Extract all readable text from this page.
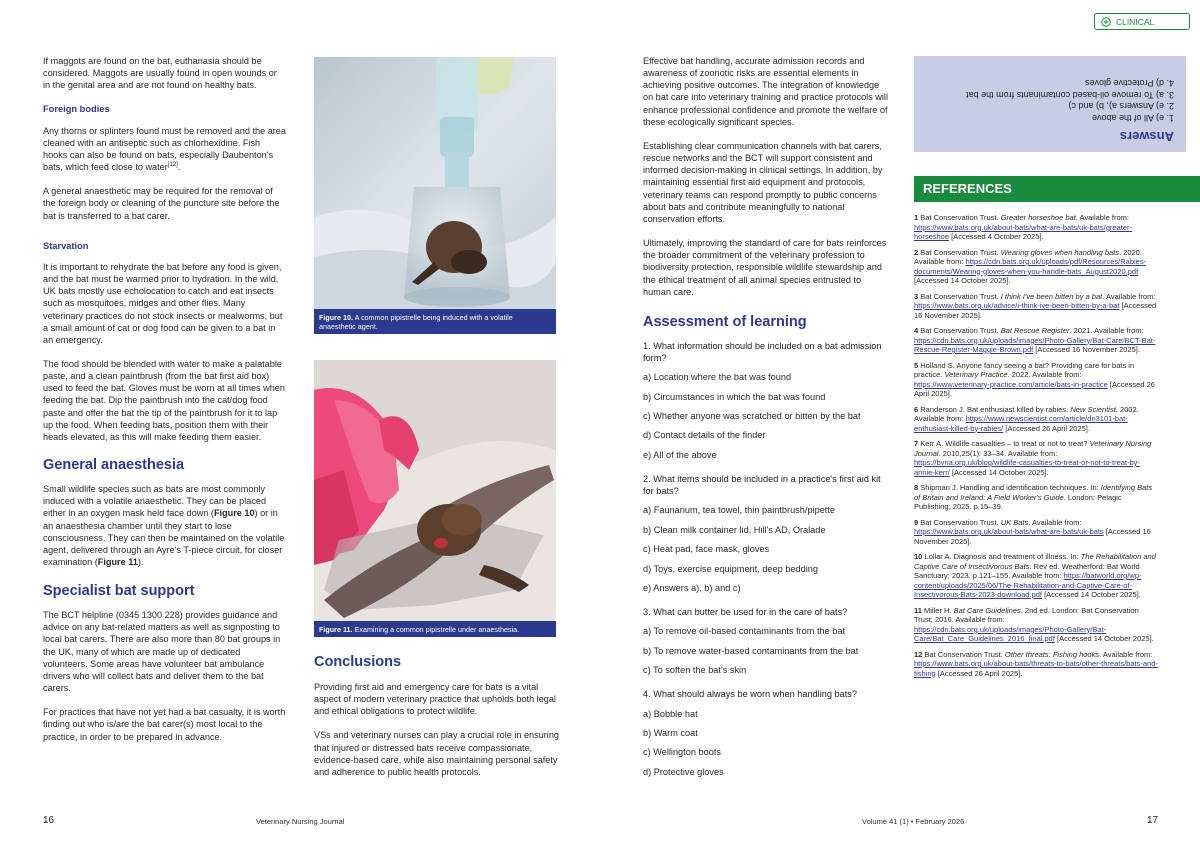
CLINICAL

If maggots are found on the bat, euthanasia should be considered. Maggots are usually found in open wounds or in the genital area and are not found on healthy bats.

Foreign bodies

Any thorns or splinters found must be removed and the area cleaned with an antiseptic such as chlorhexidine. Fish hooks can also be found on bats, especially Daubenton's bats, which feed close to water[12].

A general anaesthetic may be required for the removal of the foreign body or cleaning of the puncture site before the bat is transferred to a bat carer.

Starvation

It is important to rehydrate the bat before any food is given, and the bat must be warmed prior to hydration. In the wild, UK bats mostly use echolocation to catch and eat insects such as mosquitoes, midges and other flies. Many veterinary practices do not stock insects or mealworms, but a small amount of cat or dog food can be given to a bat in an emergency.

The food should be blended with water to make a palatable paste, and a clean paintbrush (from the bat first aid box) used to feed the bat. Gloves must be worn at all times when feeding the bat. Dip the paintbrush into the cat/dog food paste and offer the bat the tip of the paintbrush for it to lap up the food. When feeding bats, position them with their heads elevated, as this will make feeding them easier.

General anaesthesia

Small wildlife species such as bats are most commonly induced with a volatile anaesthetic. They can be placed either in an oxygen mask held face down (Figure 10) or in an anaesthesia chamber until they start to lose consciousness. They can then be maintained on the volatile agent, delivered through an Ayre's T-piece circuit, for closer examination (Figure 11).

Specialist bat support

The BCT helpline (0345 1300 228) provides guidance and advice on any bat-related matters as well as signposting to local bat carers. There are also more than 80 bat groups in the UK, many of which are made up of dedicated volunteers. Some areas have volunteer bat ambulance drivers who will collect bats and deliver them to the bat carers.

For practices that have not yet had a bat casualty, it is worth finding out who is/are the bat carer(s) most local to the practice, in order to be prepared in advance.

Figure 10. A common pipistrelle being induced with a volatile anaesthetic agent.
Figure 11. Examining a common pipistrelle under anaesthesia.
Conclusions

Providing first aid and emergency care for bats is a vital aspect of modern veterinary practice that upholds both legal and ethical obligations to protect wildlife.

VSs and veterinary nurses can play a crucial role in ensuring that injured or distressed bats receive compassionate, evidence-based care, while also maintaining personal safety and adherence to public health protocols.

Effective bat handling, accurate admission records and awareness of zoonotic risks are essential elements in achieving positive outcomes. The integration of knowledge on bat care into veterinary training and practice protocols will enhance professional confidence and promote the welfare of these ecologically significant species.

Establishing clear communication channels with bat carers, rescue networks and the BCT will support consistent and informed decision-making in clinical settings. In addition, by maintaining essential first aid equipment and protocols, veterinary teams can respond promptly to public concerns about bats and contribute meaningfully to national conservation efforts.

Ultimately, improving the standard of care for bats reinforces the broader commitment of the veterinary profession to biodiversity protection, responsible wildlife stewardship and the ethical treatment of all animal species entrusted to human care.

Assessment of learning
1. What information should be included on a bat admission form?
a) Location where the bat was found
b) Circumstances in which the bat was found
c) Whether anyone was scratched or bitten by the bat
d) Contact details of the finder
e) All of the above
2. What items should be included in a practice's first aid kit for bats?
a) Faunarium, tea towel, thin paintbrush/pipette
b) Clean milk container lid, Hill's AD, Oralade
c) Heat pad, face mask, gloves
d) Toys, exercise equipment, deep bedding
e) Answers a), b) and c)
3. What can butter be used for in the care of bats?
a) To remove oil-based contaminants from the bat
b) To remove water-based contaminants from the bat
c) To soften the bat's skin
4. What should always be worn when handling bats?
a) Bobble hat
b) Warm coat
c) Wellington boots
d) Protective gloves
Answers
1. e) All of the above
2. e) Answers a), b) and c)
3. a) To remove oil-based contaminants from the bat
4. d) Protective gloves
REFERENCES
1 Bat Conservation Trust. Greater horseshoe bat. Available from: https://www.bats.org.uk/about-bats/what-are-bats/uk-bats/greater-horseshoe [Accessed 4 October 2025].
2 Bat Conservation Trust. Wearing gloves when handling bats. 2020. Available from: https://cdn.bats.org.uk/uploads/pdf/Resources/Rabies-documents/Wearing-gloves-when-you-handle-bats_August2020.pdf [Accessed 14 October 2025].
3 Bat Conservation Trust. I think I've been bitten by a bat. Available from: https://www.bats.org.uk/advice/i-think-ive-been-bitten-by-a-bat [Accessed 16 November 2025].
4 Bat Conservation Trust. Bat Rescue Register. 2021. Available from: https://cdn.bats.org.uk/uploads/images/Photo-Gallery/Bat-Care/BCT-Bat-Rescue-Register-Maggie-Brown.pdf [Accessed 16 November 2025].
5 Holland S. Anyone fancy seeing a bat? Providing care for bats in practice. Veterinary Practice. 2022. Available from: https://www.veterinary-practice.com/article/bats-in-practice [Accessed 26 April 2025].
6 Randerson J. Bat enthusiast killed by rabies. New Scientist. 2002. Available from: https://www.newscientist.com/article/dn3101-bat-enthusiast-killed-by-rabies/ [Accessed 26 April 2025].
7 Kerr A. Wildlife casualties – to treat or not to treat? Veterinary Nursing Journal. 2010,25(1): 33–34. Available from: https://bvna.org.uk/blog/wildlife-casualties-to-treat-or-not-to-treat-by-annie-kerr/ [Accessed 14 October 2025].
8 Shipman J. Handling and identification techniques. In: Identifying Bats of Britain and Ireland: A Field Worker's Guide. London: Pelagic Publishing; 2025. p.15–39.
9 Bat Conservation Trust. UK Bats. Available from: https://www.bats.org.uk/about-bats/what-are-bats/uk-bats [Accessed 16 November 2025].
10 Lollar A. Diagnosis and treatment of illness. In: The Rehabilitation and Captive Care of Insectivorous Bats. Rev ed. Weatherford: Bat World Sanctuary; 2023. p.121–155. Available from: https://batworld.org/wp-content/uploads/2025/06/The-Rehabilitation-and-Captive-Care-of-Insectivorous-Bats-2023-download.pdf [Accessed 14 October 2025].
11 Miller H. Bat Care Guidelines. 2nd ed. London: Bat Conservation Trust; 2016. Available from: https://cdn.bats.org.uk/uploads/images/Photo-Gallery/Bat-Care/Bat_Care_Guidelines_2016_final.pdf [Accessed 14 October 2025].
12 Bat Conservation Trust. Other threats: Fishing hooks. Available from: https://www.bats.org.uk/about-bats/threats-to-bats/other-threats/bats-and-fishing [Accessed 26 April 2025].
16	Veterinary Nursing Journal	Volume 41 (1) • February 2026	17
